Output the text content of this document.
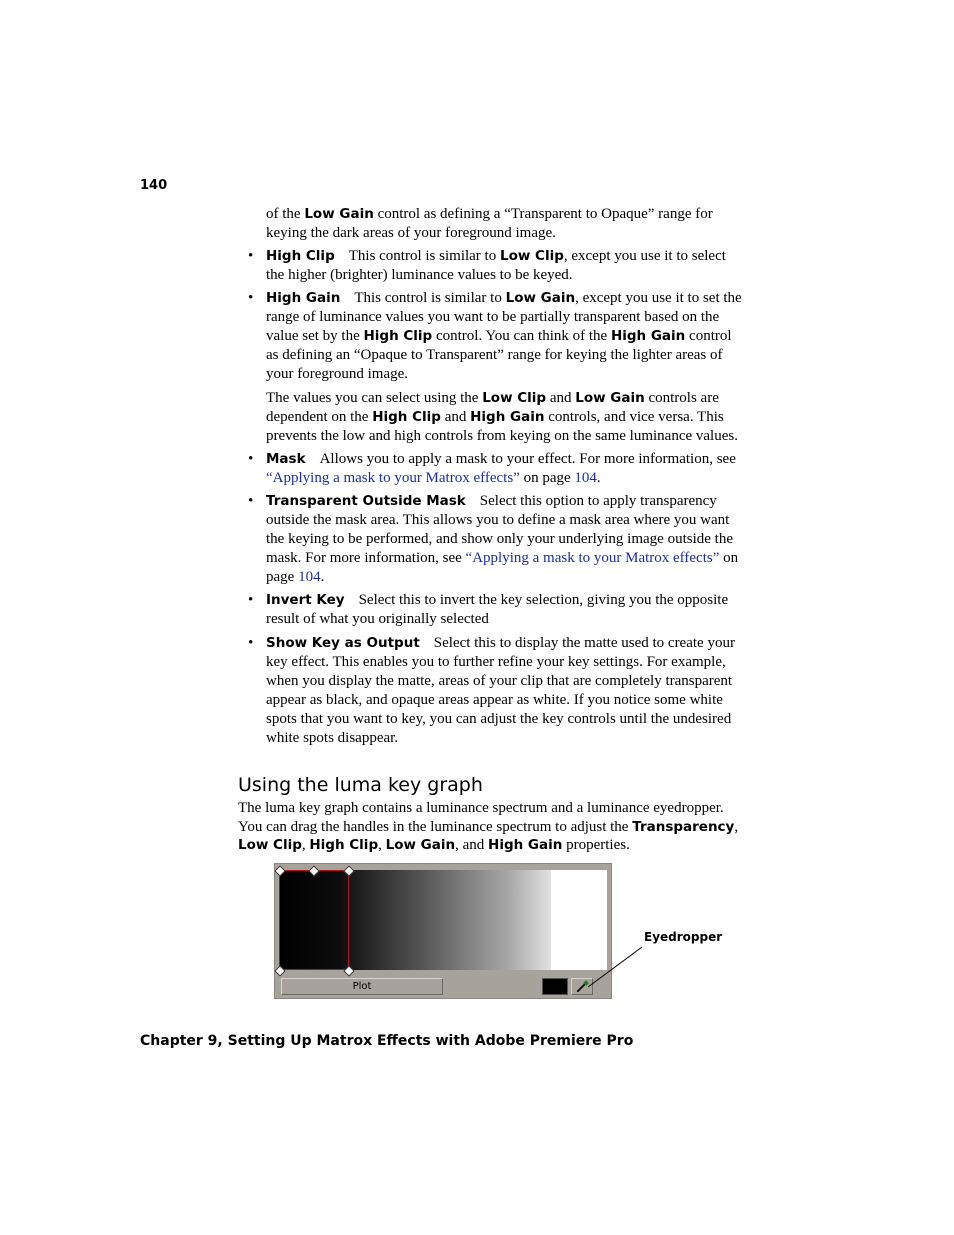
140

of the Low Gain control as defining a “Transparent to Opaque” range for keying the dark areas of your foreground image.

• High Clip This control is similar to Low Clip, except you use it to select the higher (brighter) luminance values to be keyed.
• High Gain This control is similar to Low Gain, except you use it to set the range of luminance values you want to be partially transparent based on the value set by the High Clip control. You can think of the High Gain control as defining an “Opaque to Transparent” range for keying the lighter areas of your foreground image.

The values you can select using the Low Clip and Low Gain controls are dependent on the High Clip and High Gain controls, and vice versa. This prevents the low and high controls from keying on the same luminance values.

• Mask Allows you to apply a mask to your effect. For more information, see “Applying a mask to your Matrox effects” on page 104.
• Transparent Outside Mask Select this option to apply transparency outside the mask area. This allows you to define a mask area where you want the keying to be performed, and show only your underlying image outside the mask. For more information, see “Applying a mask to your Matrox effects” on page 104.
• Invert Key Select this to invert the key selection, giving you the opposite result of what you originally selected
• Show Key as Output Select this to display the matte used to create your key effect. This enables you to further refine your key settings. For example, when you display the matte, areas of your clip that are completely transparent appear as black, and opaque areas appear as white. If you notice some white spots that you want to key, you can adjust the key controls until the undesired white spots disappear.
Using the luma key graph

The luma key graph contains a luminance spectrum and a luminance eyedropper. You can drag the handles in the luminance spectrum to adjust the Transparency, Low Clip, High Clip, Low Gain, and High Gain properties.

Plot
Eyedropper
Chapter 9, Setting Up Matrox Effects with Adobe Premiere Pro
